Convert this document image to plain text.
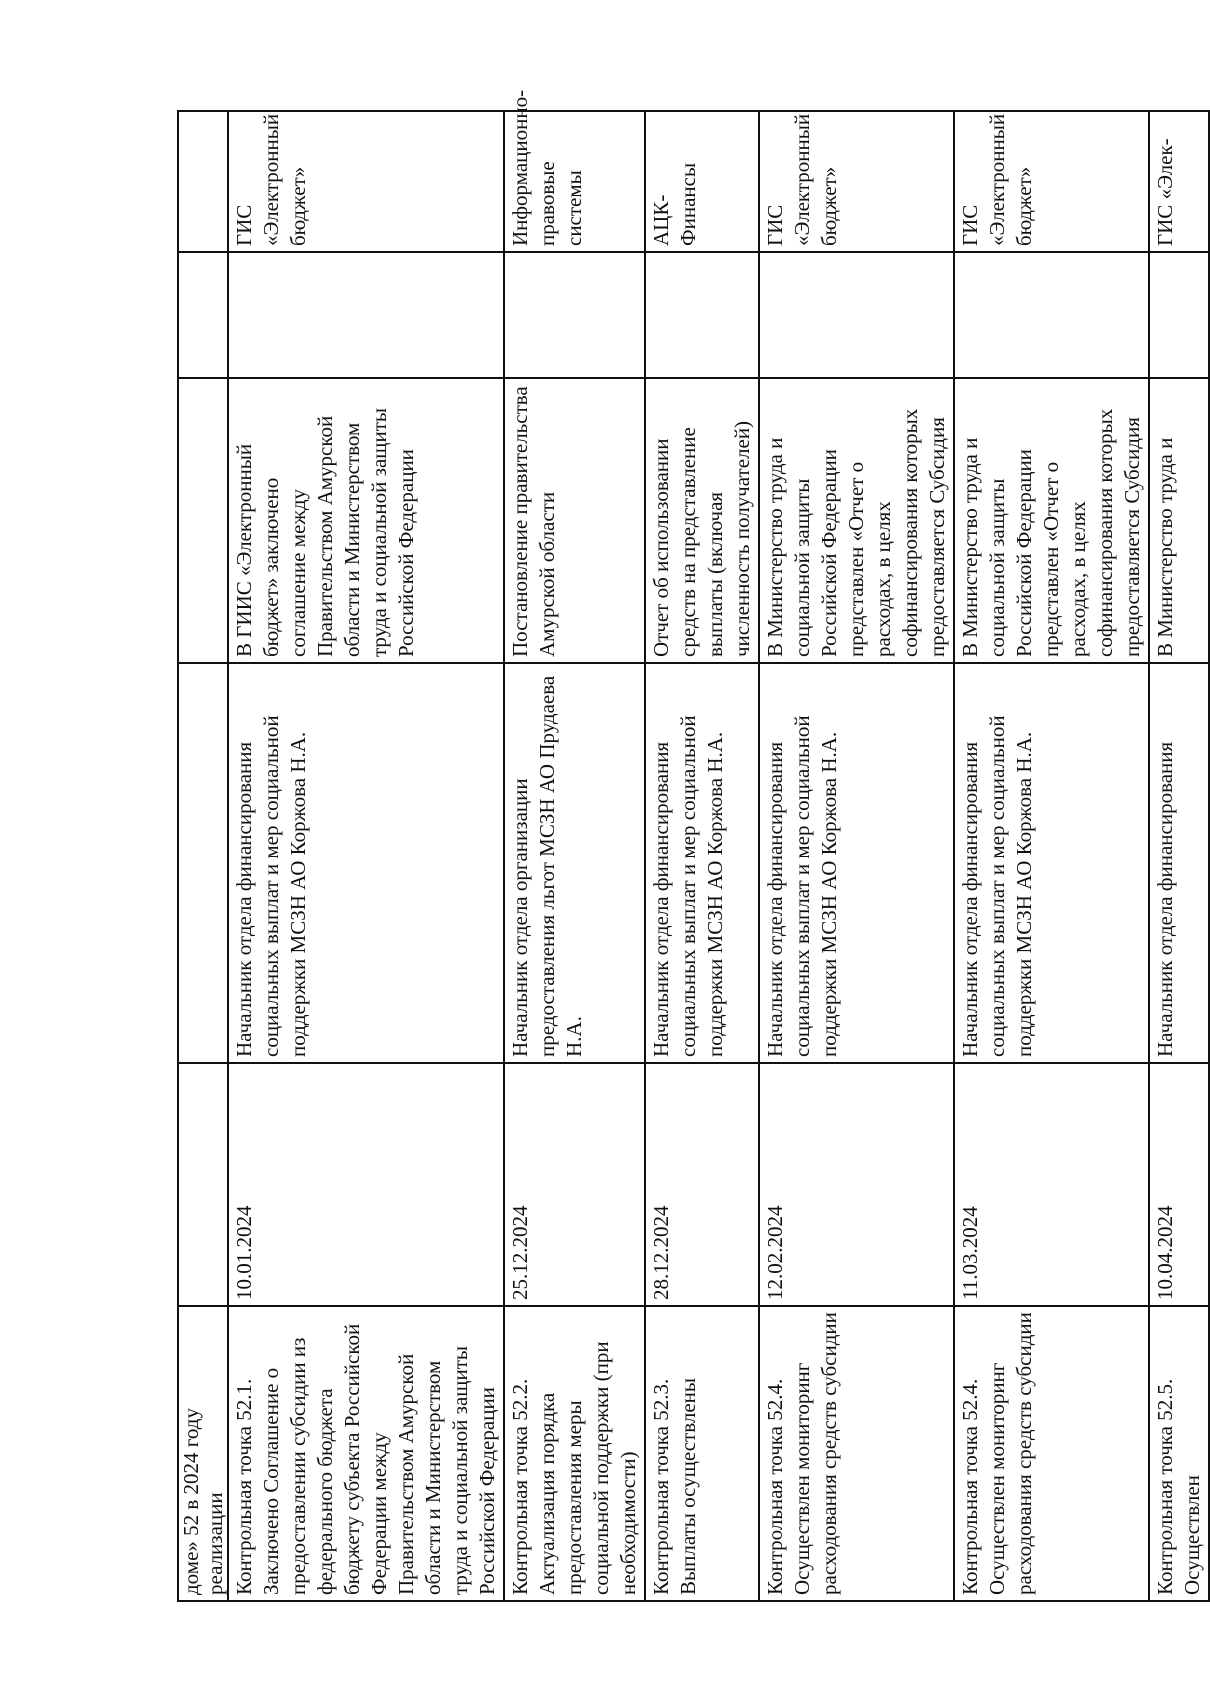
доме» 52 в 2024 году реализации					
Контрольная точка 52.1. Заключено Соглашение о предоставлении субсидии из федерального бюджета бюджету субъекта Российской Федерации между Правительством Амурской области и Министерством труда и социальной защиты Российской Федерации	10.01.2024	Начальник отдела финансирования социальных выплат и мер социальной поддержки МСЗН АО Коржова Н.А.	В ГИИС «Электронный бюджет» заключено соглашение между Правительством Амурской области и Министерством труда и социальной защиты Российской Федерации		ГИС «Электронный бюджет»
Контрольная точка 52.2. Актуализация порядка предоставления меры социальной поддержки (при необходимости)	25.12.2024	Начальник отдела организации предоставления льгот МСЗН АО Прудаева Н.А.	Постановление правительства Амурской области		Информационно-правовые системы
Контрольная точка 52.3. Выплаты осуществлены	28.12.2024	Начальник отдела финансирования социальных выплат и мер социальной поддержки МСЗН АО Коржова Н.А.	Отчет об использовании средств на представление выплаты (включая численность получателей)		АЦК-Финансы
Контрольная точка 52.4. Осуществлен мониторинг расходования средств субсидии	12.02.2024	Начальник отдела финансирования социальных выплат и мер социальной поддержки МСЗН АО Коржова Н.А.	В Министерство труда и социальной защиты Российской Федерации представлен «Отчет о расходах, в целях софинансирования которых предоставляется Субсидия		ГИС «Электронный бюджет»
Контрольная точка 52.4. Осуществлен мониторинг расходования средств субсидии	11.03.2024	Начальник отдела финансирования социальных выплат и мер социальной поддержки МСЗН АО Коржова Н.А.	В Министерство труда и социальной защиты Российской Федерации представлен «Отчет о расходах, в целях софинансирования которых предоставляется Субсидия		ГИС «Электронный бюджет»
Контрольная точка 52.5. Осуществлен	10.04.2024	Начальник отдела финансирования	В Министерство труда и		ГИС «Элек-
